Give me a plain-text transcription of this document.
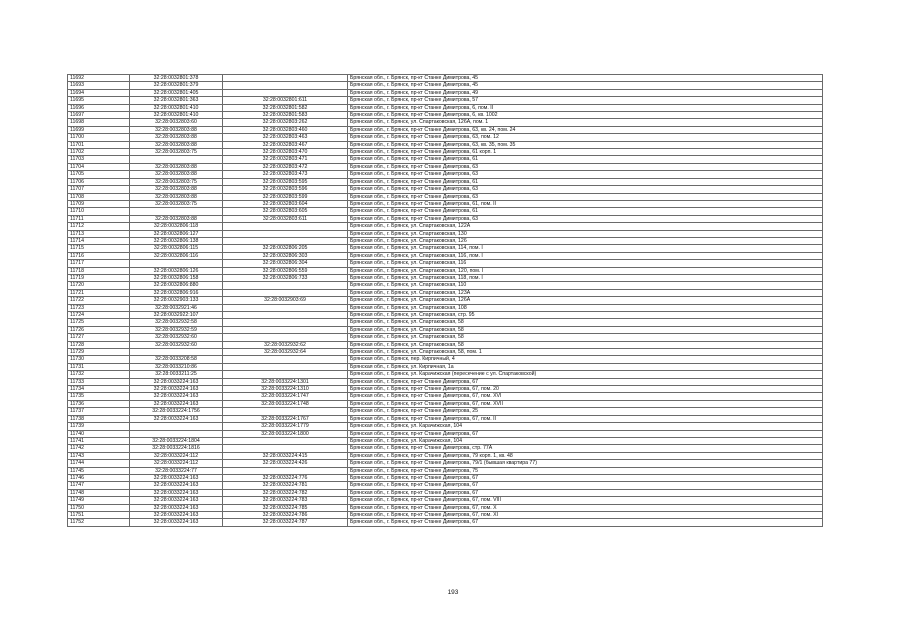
11692	32:28:0032801:378		Брянская обл., г. Брянск, пр-кт Станке Димитрова, 45
11693	32:28:0032801:379		Брянская обл., г. Брянск, пр-кт Станке Димитрова, 45
11694	32:28:0032801:405		Брянская обл., г. Брянск, пр-кт Станке Димитрова, 49
11695	32:28:0032801:363	32:28:0032801:611	Брянская обл., г. Брянск, пр-кт Станке Димитрова, 57
11696	32:28:0032801:410	32:28:0032801:582	Брянская обл., г. Брянск, пр-кт Станке Димитрова, 6, пом. II
11697	32:28:0032801:410	32:28:0032801:583	Брянская обл., г. Брянск, пр-кт Станке Димитрова, 6, кв. 1002
11698	32:28:0032803:60	32:28:0032803:262	Брянская обл., г. Брянск, ул. Спартаковская, 126А, пом. 1
11699	32:28:0032803:88	32:28:0032803:460	Брянская обл., г. Брянск, пр-кт Станке Димитрова, 63, кв. 24, пом. 24
11700	32:28:0032803:88	32:28:0032803:463	Брянская обл., г. Брянск, пр-кт Станке Димитрова, 63, пом. 12
11701	32:28:0032803:88	32:28:0032803:467	Брянская обл., г. Брянск, пр-кт Станке Димитрова, 63, кв. 35, пом. 35
11702	32:28:0032803:75	32:28:0032803:470	Брянская обл., г. Брянск, пр-кт Станке Димитрова, 61 корп. 1
11703		32:28:0032803:471	Брянская обл., г. Брянск, пр-кт Станке Димитрова, 61
11704	32:28:0032803:88	32:28:0032803:472	Брянская обл., г. Брянск, пр-кт Станке Димитрова, 63
11705	32:28:0032803:88	32:28:0032803:473	Брянская обл., г. Брянск, пр-кт Станке Димитрова, 63
11706	32:28:0032803:75	32:28:0032803:595	Брянская обл., г. Брянск, пр-кт Станке Димитрова, 61
11707	32:28:0032803:88	32:28:0032803:596	Брянская обл., г. Брянск, пр-кт Станке Димитрова, 63
11708	32:28:0032803:88	32:28:0032803:599	Брянская обл., г. Брянск, пр-кт Станке Димитрова, 63
11709	32:28:0032803:75	32:28:0032803:604	Брянская обл., г. Брянск, пр-кт Станке Димитрова, 61, пом. II
11710		32:28:0032803:605	Брянская обл., г. Брянск, пр-кт Станке Димитрова, 61
11711	32:28:0032803:88	32:28:0032803:611	Брянская обл., г. Брянск, пр-кт Станке Димитрова, 63
11712	32:28:0032806:118		Брянская обл., г. Брянск, ул. Спартаковская, 122А
11713	32:28:0032806:127		Брянская обл., г. Брянск, ул. Спартаковская, 130
11714	32:28:0032806:138		Брянская обл., г. Брянск, ул. Спартаковская, 126
11715	32:28:0032806:115	32:28:0032806:205	Брянская обл., г. Брянск, ул. Спартаковская, 114, пом. I
11716	32:28:0032806:116	32:28:0032806:303	Брянская обл., г. Брянск, ул. Спартаковская, 116, пом. I
11717		32:28:0032806:304	Брянская обл., г. Брянск, ул. Спартаковская, 116
11718	32:28:0032806:126	32:28:0032806:559	Брянская обл., г. Брянск, ул. Спартаковская, 120, пом. I
11719	32:28:0032806:158	32:28:0032806:733	Брянская обл., г. Брянск, ул. Спартаковская, 118, пом. I
11720	32:28:0032806:880		Брянская обл., г. Брянск, ул. Спартаковская, 110
11721	32:28:0032806:916		Брянская обл., г. Брянск, ул. Спартаковская, 123А
11722	32:28:0032903:133	32:28:0032903:69	Брянская обл., г. Брянск, ул. Спартаковская, 126А
11723	32:28:0032921:46		Брянская обл., г. Брянск, ул. Спартаковская, 108
11724	32:28:0032922:107		Брянская обл., г. Брянск, ул. Спартаковская, стр. 95
11725	32:28:0032932:58		Брянская обл., г. Брянск, ул. Спартаковская, 58
11726	32:28:0032932:59		Брянская обл., г. Брянск, ул. Спартаковская, 58
11727	32:28:0032932:60		Брянская обл., г. Брянск, ул. Спартаковская, 58
11728	32:28:0032932:60	32:28:0032932:62	Брянская обл., г. Брянск, ул. Спартаковская, 58
11729		32:28:0032932:64	Брянская обл., г. Брянск, ул. Спартаковская, 58, пом. 1
11730	32:28:0033208:58		Брянская обл., г. Брянск, пер. Кирпичный, 4
11731	32:28:0033210:86		Брянская обл., г. Брянск, ул. Кирпичная, 1а
11732	32:28:0033211:25		Брянская обл., г. Брянск, ул. Карачижская (пересечение с ул. Спартаковской)
11733	32:28:0033224:163	32:28:0033224:1301	Брянская обл., г. Брянск, пр-кт Станке Димитрова, 67
11734	32:28:0033224:163	32:28:0033224:1310	Брянская обл., г. Брянск, пр-кт Станке Димитрова, 67, пом. 20
11735	32:28:0033224:163	32:28:0033224:1747	Брянская обл., г. Брянск, пр-кт Станке Димитрова, 67, пом. XVI
11736	32:28:0033224:163	32:28:0033224:1748	Брянская обл., г. Брянск, пр-кт Станке Димитрова, 67, пом. XVII
11737	32:28:0033224:1756		Брянская обл., г. Брянск, пр-кт Станке Димитрова, 25
11738	32:28:0033224:163	32:28:0033224:1767	Брянская обл., г. Брянск, пр-кт Станке Димитрова, 67, пом. II
11739		32:28:0033224:1779	Брянская обл., г. Брянск, ул. Карачижская, 104
11740		32:28:0033224:1800	Брянская обл., г. Брянск, пр-кт Станке Димитрова, 67
11741	32:28:0033224:1804		Брянская обл., г. Брянск, ул. Карачижская, 104
11742	32:28:0033224:1816		Брянская обл., г. Брянск, пр-кт Станке Димитрова, стр. 77А
11743	32:28:0033224:112	32:28:0033224:415	Брянская обл., г. Брянск, пр-кт Станке Димитрова, 79 корп. 1, кв. 48
11744	32:28:0033224:112	32:28:0033224:426	Брянская обл., г. Брянск, пр-кт Станке Димитрова, 79/1 (бывшая квартира 77)
11745	32:28:0033224:77		Брянская обл., г. Брянск, пр-кт Станке Димитрова, 75
11746	32:28:0033224:163	32:28:0033224:776	Брянская обл., г. Брянск, пр-кт Станке Димитрова, 67
11747	32:28:0033224:163	32:28:0033224:781	Брянская обл., г. Брянск, пр-кт Станке Димитрова, 67
11748	32:28:0033224:163	32:28:0033224:782	Брянская обл., г. Брянск, пр-кт Станке Димитрова, 67
11749	32:28:0033224:163	32:28:0033224:783	Брянская обл., г. Брянск, пр-кт Станке Димитрова, 67, пом. VIII
11750	32:28:0033224:163	32:28:0033224:785	Брянская обл., г. Брянск, пр-кт Станке Димитрова, 67, пом. X
11751	32:28:0033224:163	32:28:0033224:786	Брянская обл., г. Брянск, пр-кт Станке Димитрова, 67, пом. XI
11752	32:28:0033224:163	32:28:0033224:787	Брянская обл., г. Брянск, пр-кт Станке Димитрова, 67
193
